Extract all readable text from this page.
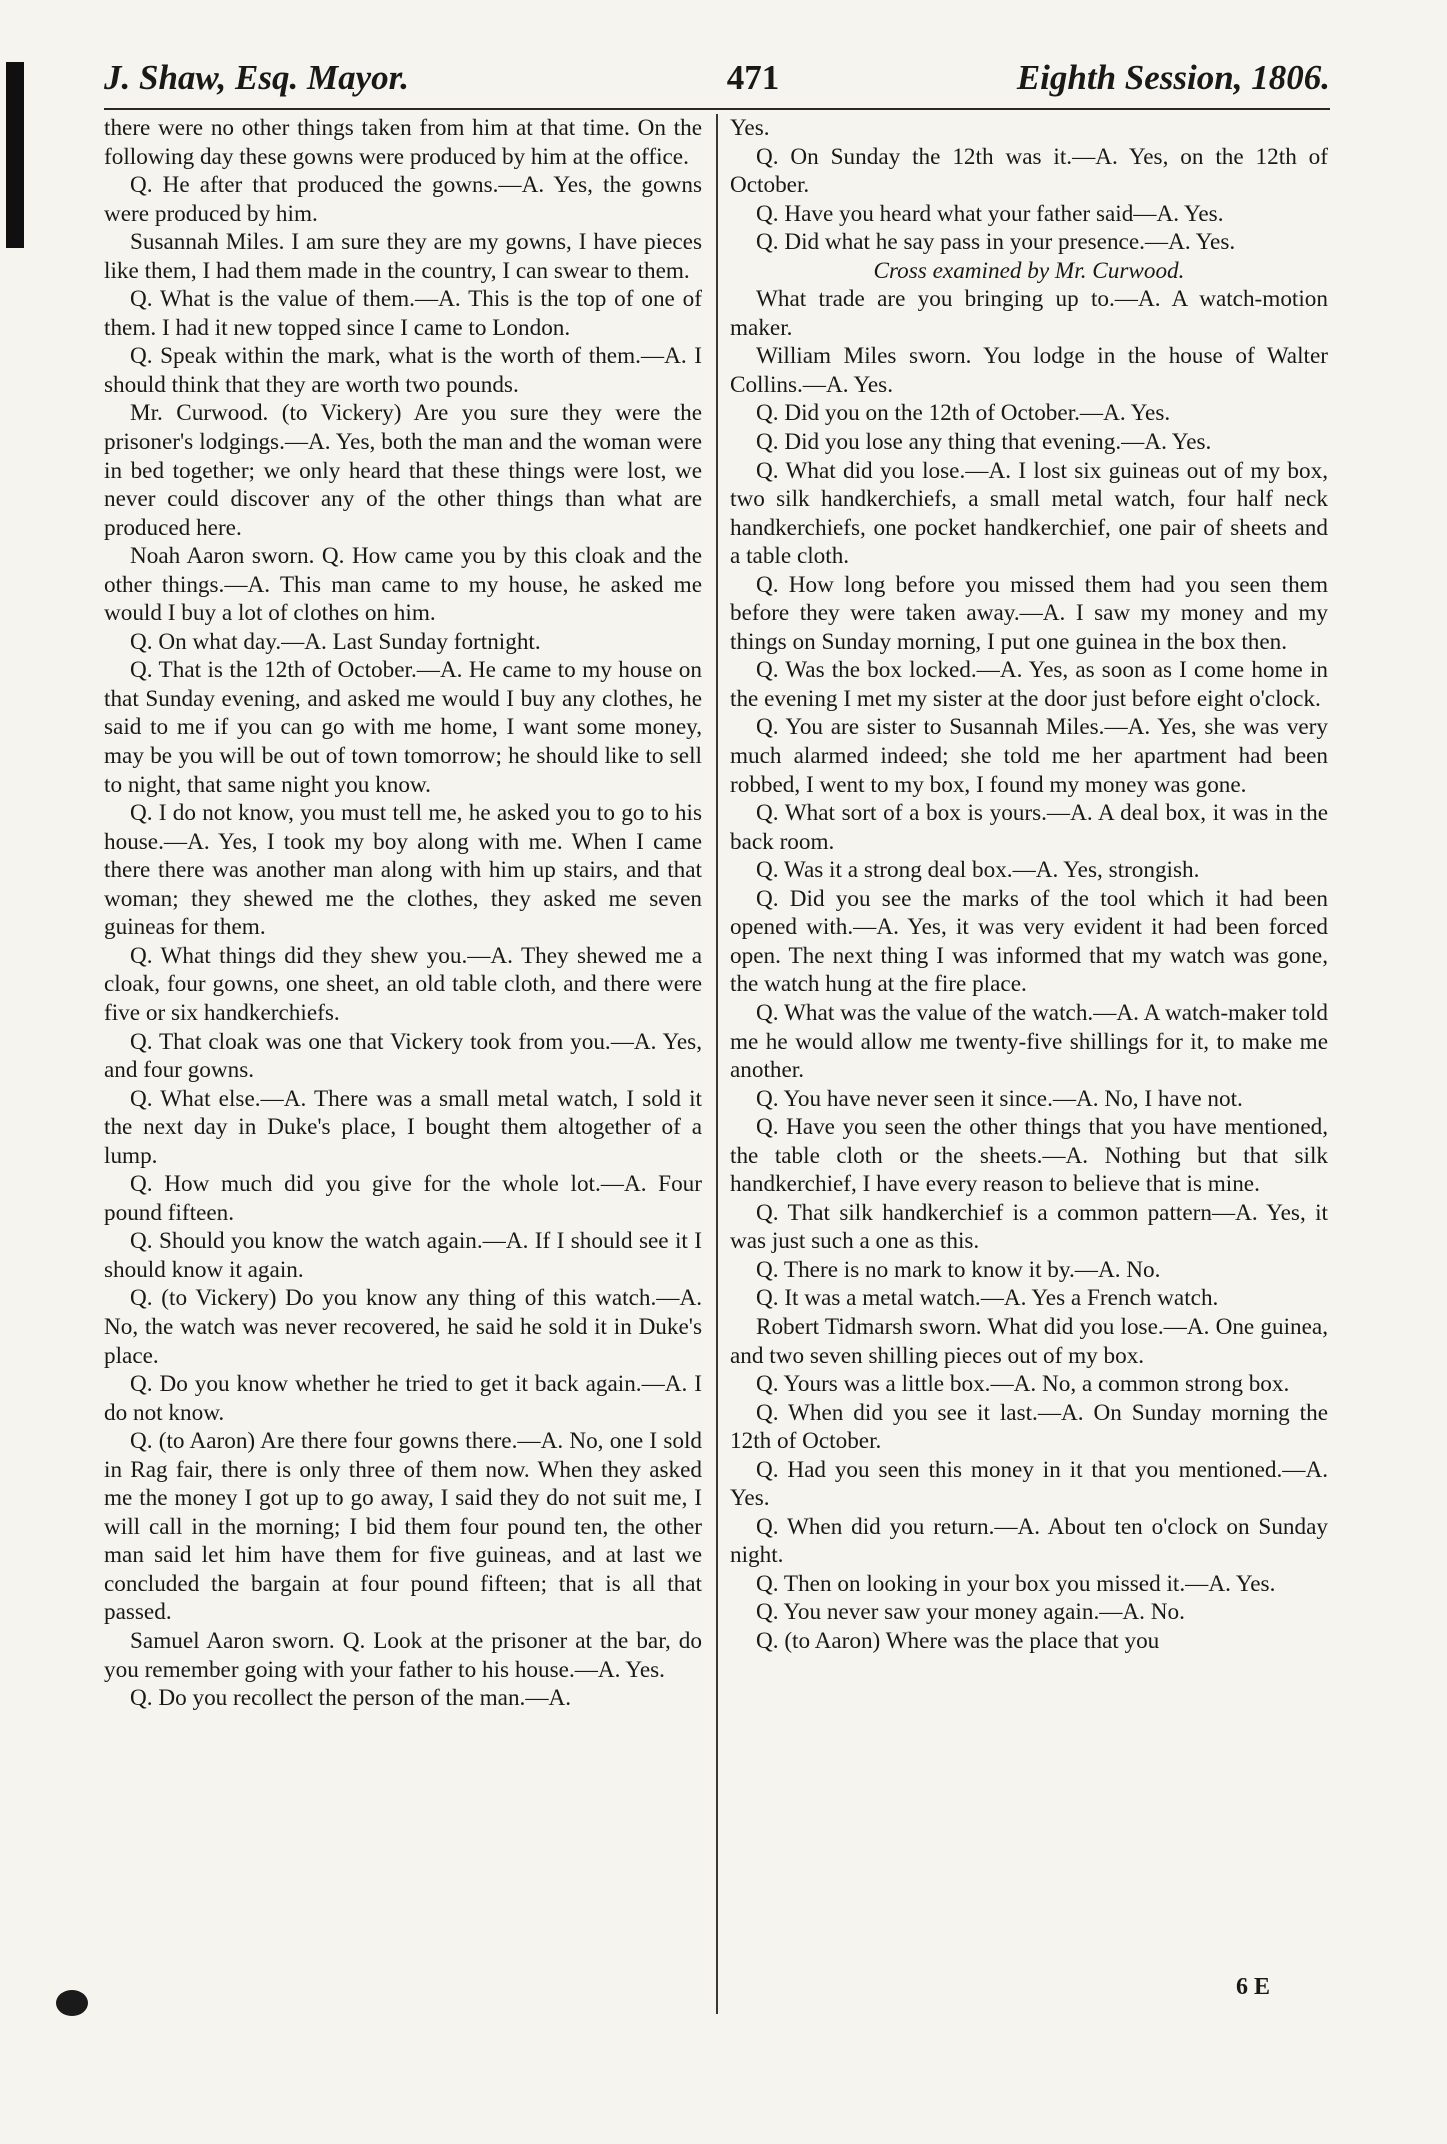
J. Shaw, Esq. Mayor.	471	Eighth Session, 1806.

there were no other things taken from him at that time. On the following day these gowns were produced by him at the office.

Q. He after that produced the gowns.—A. Yes, the gowns were produced by him.

Susannah Miles. I am sure they are my gowns, I have pieces like them, I had them made in the country, I can swear to them.

Q. What is the value of them.—A. This is the top of one of them. I had it new topped since I came to London.

Q. Speak within the mark, what is the worth of them.—A. I should think that they are worth two pounds.

Mr. Curwood. (to Vickery) Are you sure they were the prisoner's lodgings.—A. Yes, both the man and the woman were in bed together; we only heard that these things were lost, we never could discover any of the other things than what are produced here.

Noah Aaron sworn. Q. How came you by this cloak and the other things.—A. This man came to my house, he asked me would I buy a lot of clothes on him.

Q. On what day.—A. Last Sunday fortnight.

Q. That is the 12th of October.—A. He came to my house on that Sunday evening, and asked me would I buy any clothes, he said to me if you can go with me home, I want some money, may be you will be out of town tomorrow; he should like to sell to night, that same night you know.

Q. I do not know, you must tell me, he asked you to go to his house.—A. Yes, I took my boy along with me. When I came there there was another man along with him up stairs, and that woman; they shewed me the clothes, they asked me seven guineas for them.

Q. What things did they shew you.—A. They shewed me a cloak, four gowns, one sheet, an old table cloth, and there were five or six handkerchiefs.

Q. That cloak was one that Vickery took from you.—A. Yes, and four gowns.

Q. What else.—A. There was a small metal watch, I sold it the next day in Duke's place, I bought them altogether of a lump.

Q. How much did you give for the whole lot.—A. Four pound fifteen.

Q. Should you know the watch again.—A. If I should see it I should know it again.

Q. (to Vickery) Do you know any thing of this watch.—A. No, the watch was never recovered, he said he sold it in Duke's place.

Q. Do you know whether he tried to get it back again.—A. I do not know.

Q. (to Aaron) Are there four gowns there.—A. No, one I sold in Rag fair, there is only three of them now. When they asked me the money I got up to go away, I said they do not suit me, I will call in the morning; I bid them four pound ten, the other man said let him have them for five guineas, and at last we concluded the bargain at four pound fifteen; that is all that passed.

Samuel Aaron sworn. Q. Look at the prisoner at the bar, do you remember going with your father to his house.—A. Yes.

Q. Do you recollect the person of the man.—A.

Yes.

Q. On Sunday the 12th was it.—A. Yes, on the 12th of October.

Q. Have you heard what your father said—A. Yes.

Q. Did what he say pass in your presence.—A. Yes.

Cross examined by Mr. Curwood.

What trade are you bringing up to.—A. A watch-motion maker.

William Miles sworn. You lodge in the house of Walter Collins.—A. Yes.

Q. Did you on the 12th of October.—A. Yes.

Q. Did you lose any thing that evening.—A. Yes.

Q. What did you lose.—A. I lost six guineas out of my box, two silk handkerchiefs, a small metal watch, four half neck handkerchiefs, one pocket handkerchief, one pair of sheets and a table cloth.

Q. How long before you missed them had you seen them before they were taken away.—A. I saw my money and my things on Sunday morning, I put one guinea in the box then.

Q. Was the box locked.—A. Yes, as soon as I come home in the evening I met my sister at the door just before eight o'clock.

Q. You are sister to Susannah Miles.—A. Yes, she was very much alarmed indeed; she told me her apartment had been robbed, I went to my box, I found my money was gone.

Q. What sort of a box is yours.—A. A deal box, it was in the back room.

Q. Was it a strong deal box.—A. Yes, strongish.

Q. Did you see the marks of the tool which it had been opened with.—A. Yes, it was very evident it had been forced open. The next thing I was informed that my watch was gone, the watch hung at the fire place.

Q. What was the value of the watch.—A. A watch-maker told me he would allow me twenty-five shillings for it, to make me another.

Q. You have never seen it since.—A. No, I have not.

Q. Have you seen the other things that you have mentioned, the table cloth or the sheets.—A. Nothing but that silk handkerchief, I have every reason to believe that is mine.

Q. That silk handkerchief is a common pattern—A. Yes, it was just such a one as this.

Q. There is no mark to know it by.—A. No.

Q. It was a metal watch.—A. Yes a French watch.

Robert Tidmarsh sworn. What did you lose.—A. One guinea, and two seven shilling pieces out of my box.

Q. Yours was a little box.—A. No, a common strong box.

Q. When did you see it last.—A. On Sunday morning the 12th of October.

Q. Had you seen this money in it that you mentioned.—A. Yes.

Q. When did you return.—A. About ten o'clock on Sunday night.

Q. Then on looking in your box you missed it.—A. Yes.

Q. You never saw your money again.—A. No.

Q. (to Aaron) Where was the place that you

6 E
